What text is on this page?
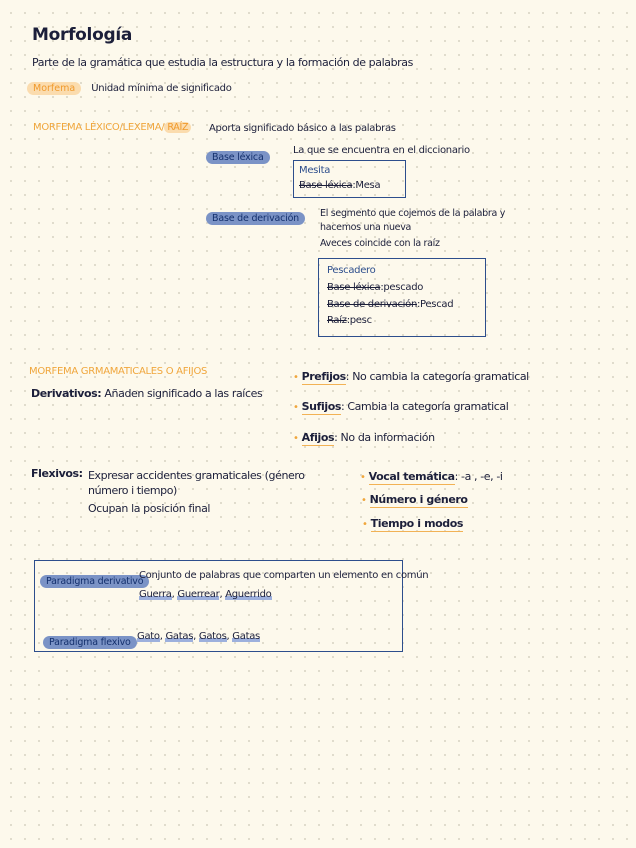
Morfología
Parte de la gramática que estudia la estructura y la formación de palabras
Morfema Unidad mínima de significado
MORFEMA LÉXICO/LEXEMA/ RAÍZ	Aporta significado básico a las palabras
Base léxica
La que se encuentra en el diccionario
Mesita
Base léxica:Mesa
Base de derivación	El segmento que cojemos de la palabra y
hacemos una nueva
Aveces coincide con la raíz
Pescadero
Base léxica:pescado
Base de derivación:Pescad
Raíz:pesc
MORFEMA GRMAMATICALES O AFIJOS
Derivativos: Añaden significado a las raíces
• Prefijos: No cambia la categoría gramatical
• Sufijos: Cambia la categoría gramatical
• Afijos: No da información
Flexivos: Expresar accidentes gramaticales (género
número i tiempo)
Ocupan la posición final
• Vocal temática: -a , -e, -i
• Número i género
• Tiempo i modos
Paradigma derivativo
Conjunto de palabras que comparten un elemento en común
Guerra, Guerrear, Aguerrido
Paradigma flexivo
Gato, Gatas, Gatos, Gatas
